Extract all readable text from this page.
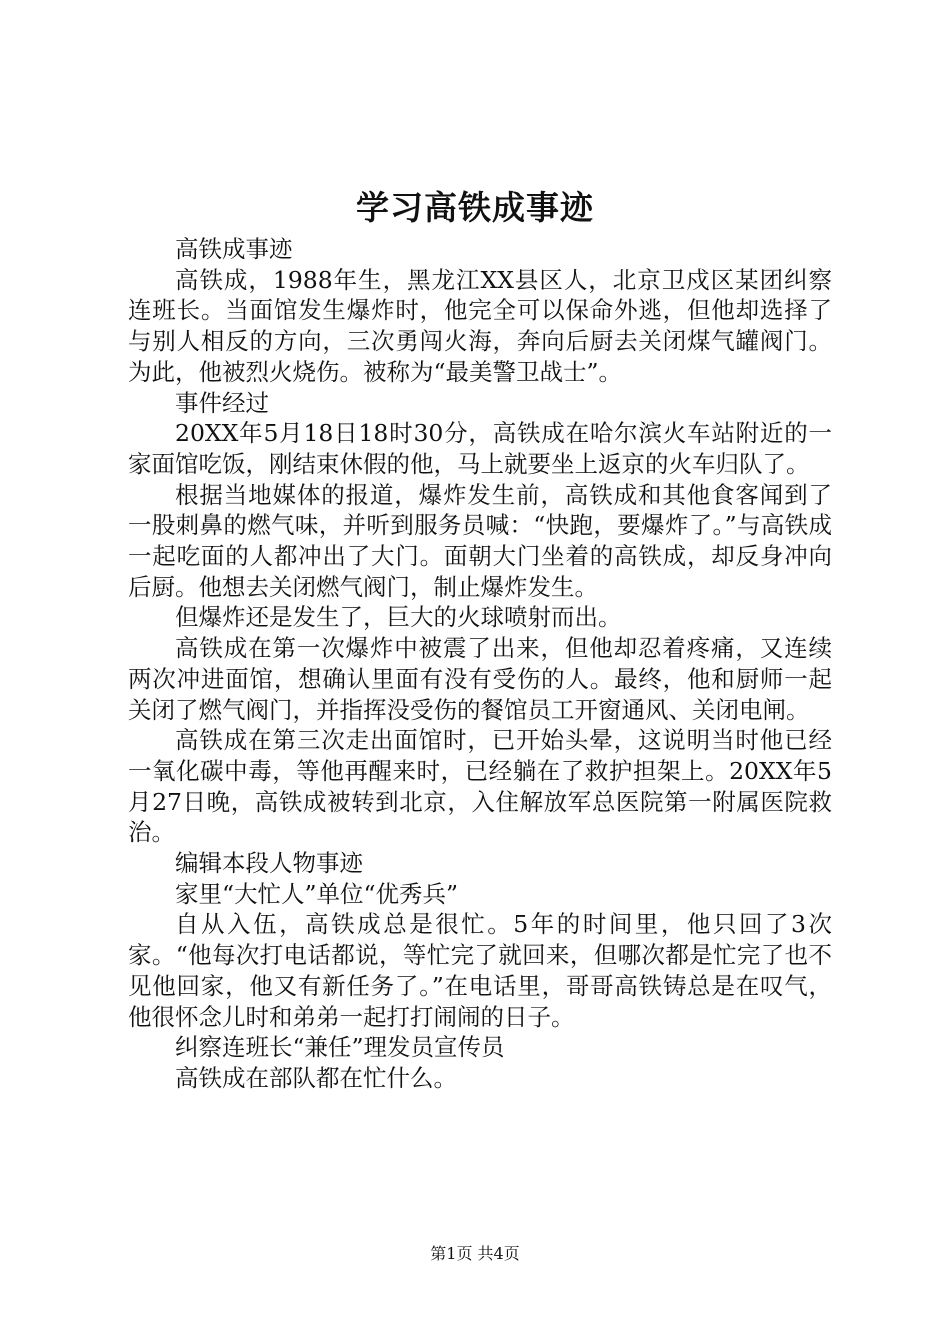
学习高铁成事迹

高铁成事迹

高铁成，1988年生，黑龙江XX县区人，北京卫戍区某团纠察连班长。当面馆发生爆炸时，他完全可以保命外逃，但他却选择了与别人相反的方向，三次勇闯火海，奔向后厨去关闭煤气罐阀门。为此，他被烈火烧伤。被称为“最美警卫战士”。

事件经过

20XX年5月18日18时30分，高铁成在哈尔滨火车站附近的一家面馆吃饭，刚结束休假的他，马上就要坐上返京的火车归队了。

根据当地媒体的报道，爆炸发生前，高铁成和其他食客闻到了一股刺鼻的燃气味，并听到服务员喊：“快跑，要爆炸了。”与高铁成一起吃面的人都冲出了大门。面朝大门坐着的高铁成，却反身冲向后厨。他想去关闭燃气阀门，制止爆炸发生。

但爆炸还是发生了，巨大的火球喷射而出。

高铁成在第一次爆炸中被震了出来，但他却忍着疼痛，又连续两次冲进面馆，想确认里面有没有受伤的人。最终，他和厨师一起关闭了燃气阀门，并指挥没受伤的餐馆员工开窗通风、关闭电闸。

高铁成在第三次走出面馆时，已开始头晕，这说明当时他已经一氧化碳中毒，等他再醒来时，已经躺在了救护担架上。20XX年5月27日晚，高铁成被转到北京，入住解放军总医院第一附属医院救治。

编辑本段人物事迹

家里“大忙人”单位“优秀兵”

自从入伍，高铁成总是很忙。5年的时间里，他只回了3次家。“他每次打电话都说，等忙完了就回来，但哪次都是忙完了也不见他回家，他又有新任务了。”在电话里，哥哥高铁铸总是在叹气，他很怀念儿时和弟弟一起打打闹闹的日子。

纠察连班长“兼任”理发员宣传员

高铁成在部队都在忙什么。

第1页 共4页
